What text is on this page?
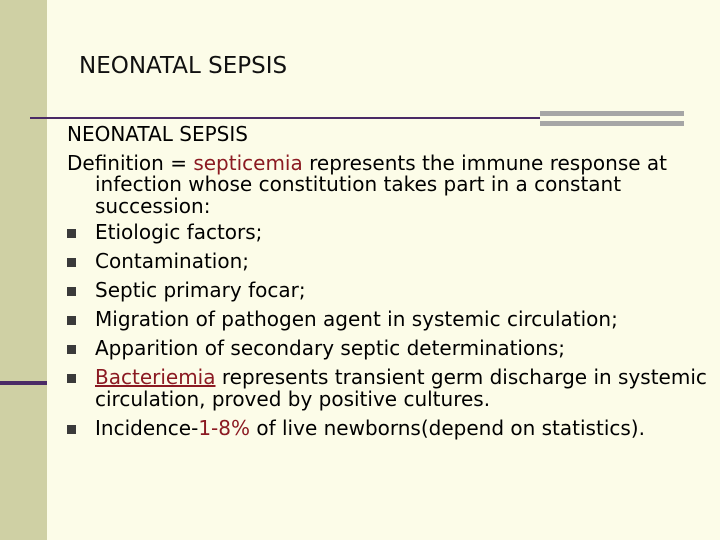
NEONATAL SEPSIS
NEONATAL SEPSIS

Definition = septicemia represents the immune response at infection whose constitution takes part in a constant succession:

Etiologic factors;
Contamination;
Septic primary focar;
Migration of pathogen agent in systemic circulation;
Apparition of secondary septic determinations;
Bacteriemia represents transient germ discharge in systemic circulation, proved by positive cultures.
Incidence-1-8% of live newborns(depend on statistics).
